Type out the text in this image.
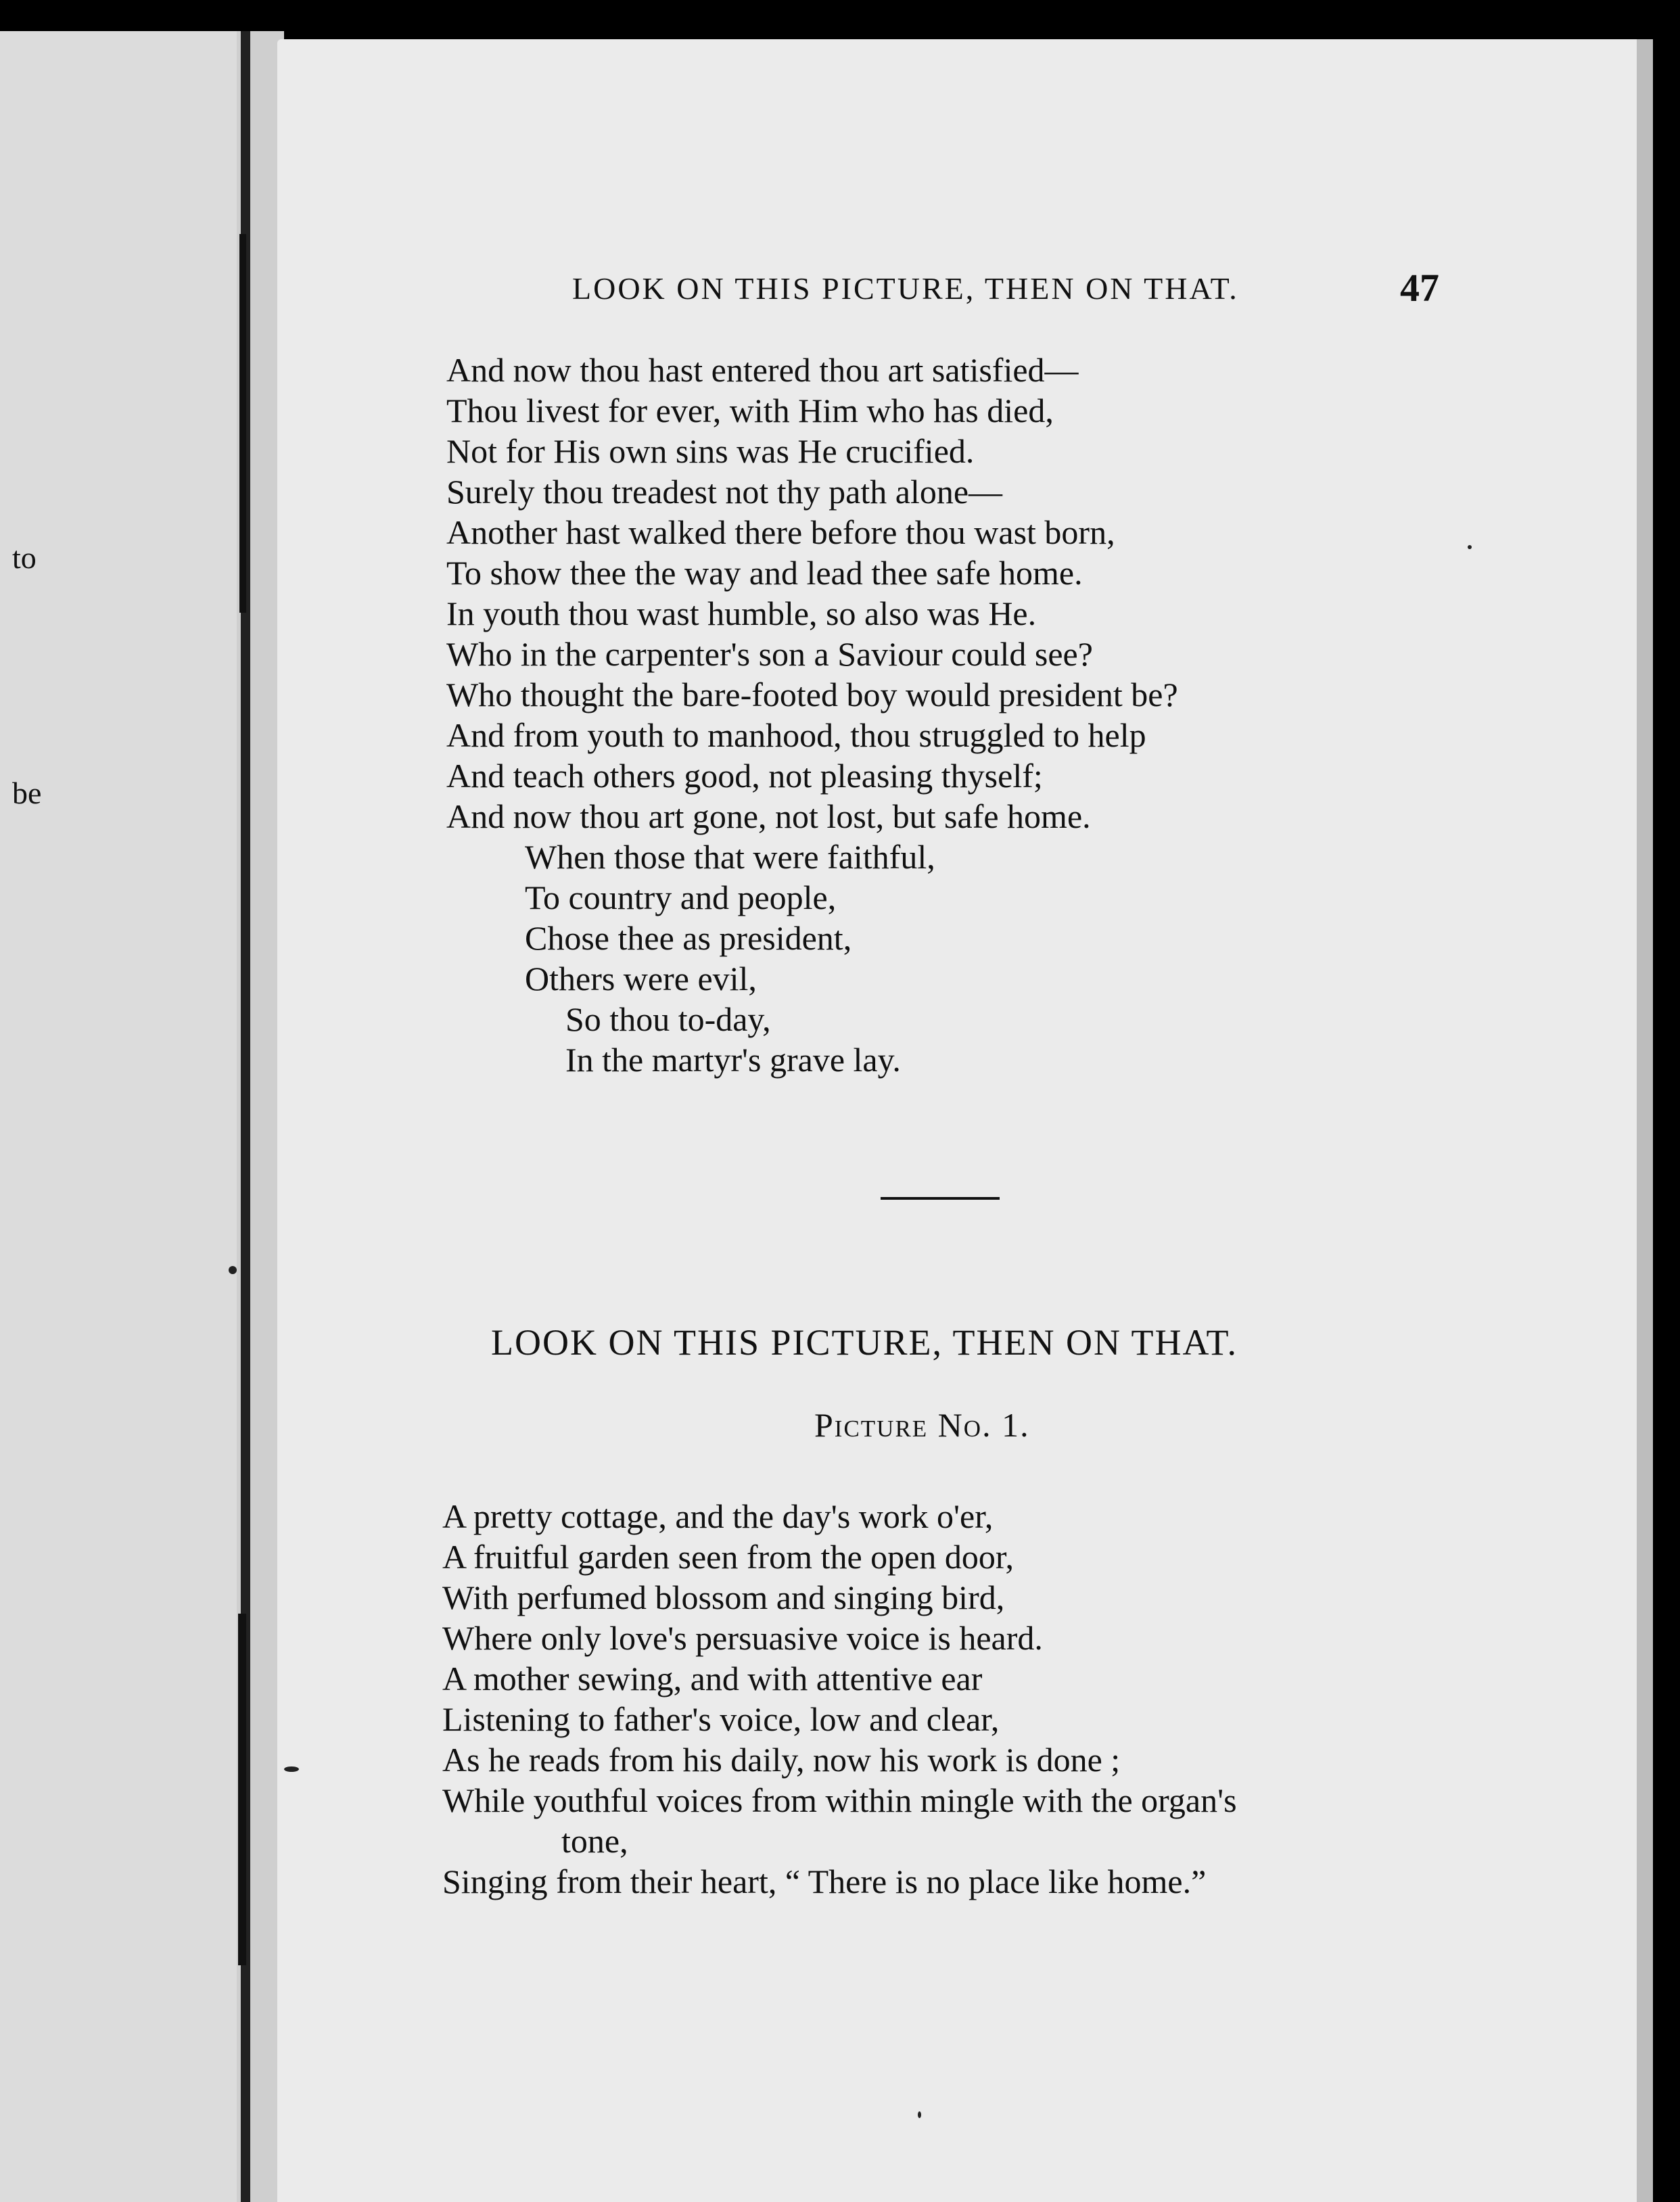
to
be
LOOK ON THIS PICTURE, THEN ON THAT.	47
And now thou hast entered thou art satisfied—
Thou livest for ever, with Him who has died,
Not for His own sins was He crucified.
Surely thou treadest not thy path alone—
Another hast walked there before thou wast born,
To show thee the way and lead thee safe home.
In youth thou wast humble, so also was He.
Who in the carpenter's son a Saviour could see?
Who thought the bare-footed boy would president be?
And from youth to manhood, thou struggled to help
And teach others good, not pleasing thyself;
And now thou art gone, not lost, but safe home.
When those that were faithful,
To country and people,
Chose thee as president,
Others were evil,
So thou to-day,
In the martyr's grave lay.
LOOK ON THIS PICTURE, THEN ON THAT.
Picture No. 1.
A pretty cottage, and the day's work o'er,
A fruitful garden seen from the open door,
With perfumed blossom and singing bird,
Where only love's persuasive voice is heard.
A mother sewing, and with attentive ear
Listening to father's voice, low and clear,
As he reads from his daily, now his work is done ;
While youthful voices from within mingle with the organ's
tone,
Singing from their heart, “ There is no place like home.”
